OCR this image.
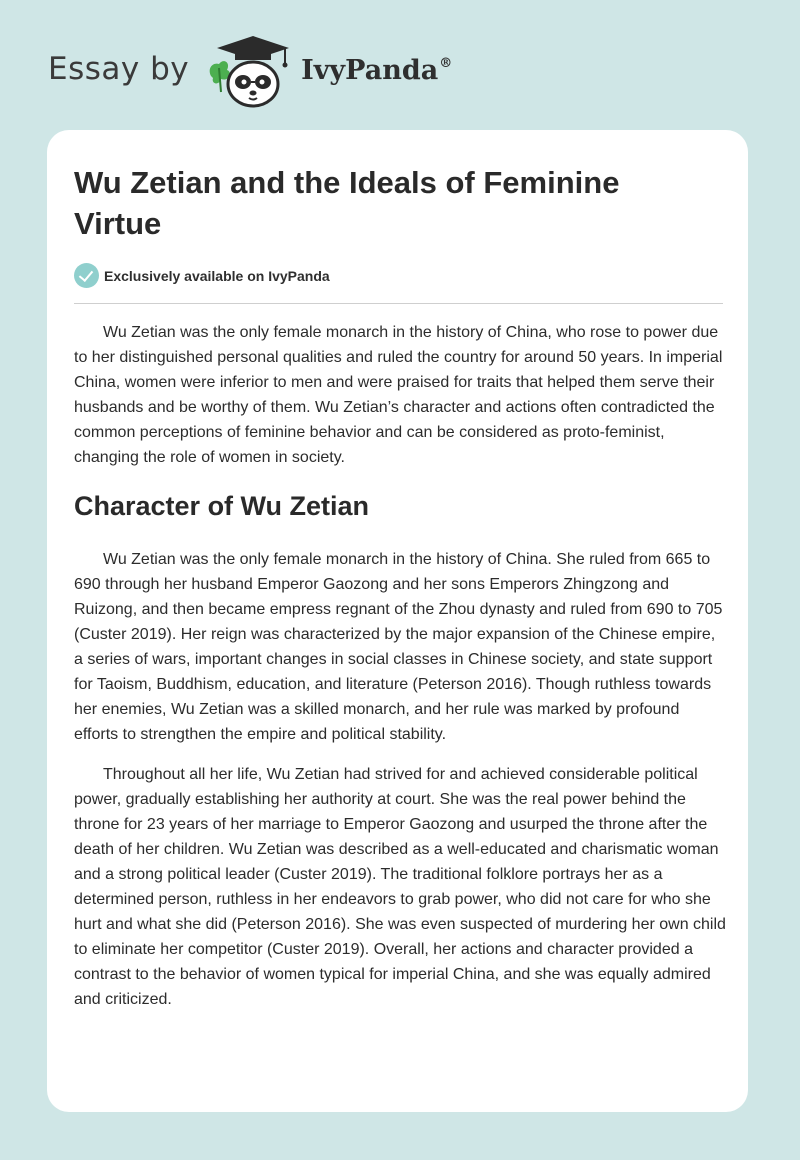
Essay by	IvyPanda®
Wu Zetian and the Ideals of Feminine Virtue
Exclusively available on IvyPanda

Wu Zetian was the only female monarch in the history of China, who rose to power due to her distinguished personal qualities and ruled the country for around 50 years. In imperial China, women were inferior to men and were praised for traits that helped them serve their husbands and be worthy of them. Wu Zetian’s character and actions often contradicted the common perceptions of feminine behavior and can be considered as proto-feminist, changing the role of women in society.

Character of Wu Zetian

Wu Zetian was the only female monarch in the history of China. She ruled from 665 to 690 through her husband Emperor Gaozong and her sons Emperors Zhingzong and Ruizong, and then became empress regnant of the Zhou dynasty and ruled from 690 to 705 (Custer 2019). Her reign was characterized by the major expansion of the Chinese empire, a series of wars, important changes in social classes in Chinese society, and state support for Taoism, Buddhism, education, and literature (Peterson 2016). Though ruthless towards her enemies, Wu Zetian was a skilled monarch, and her rule was marked by profound efforts to strengthen the empire and political stability.

Throughout all her life, Wu Zetian had strived for and achieved considerable political power, gradually establishing her authority at court. She was the real power behind the throne for 23 years of her marriage to Emperor Gaozong and usurped the throne after the death of her children. Wu Zetian was described as a well-educated and charismatic woman and a strong political leader (Custer 2019). The traditional folklore portrays her as a determined person, ruthless in her endeavors to grab power, who did not care for who she hurt and what she did (Peterson 2016). She was even suspected of murdering her own child to eliminate her competitor (Custer 2019). Overall, her actions and character provided a contrast to the behavior of women typical for imperial China, and she was equally admired and criticized.
